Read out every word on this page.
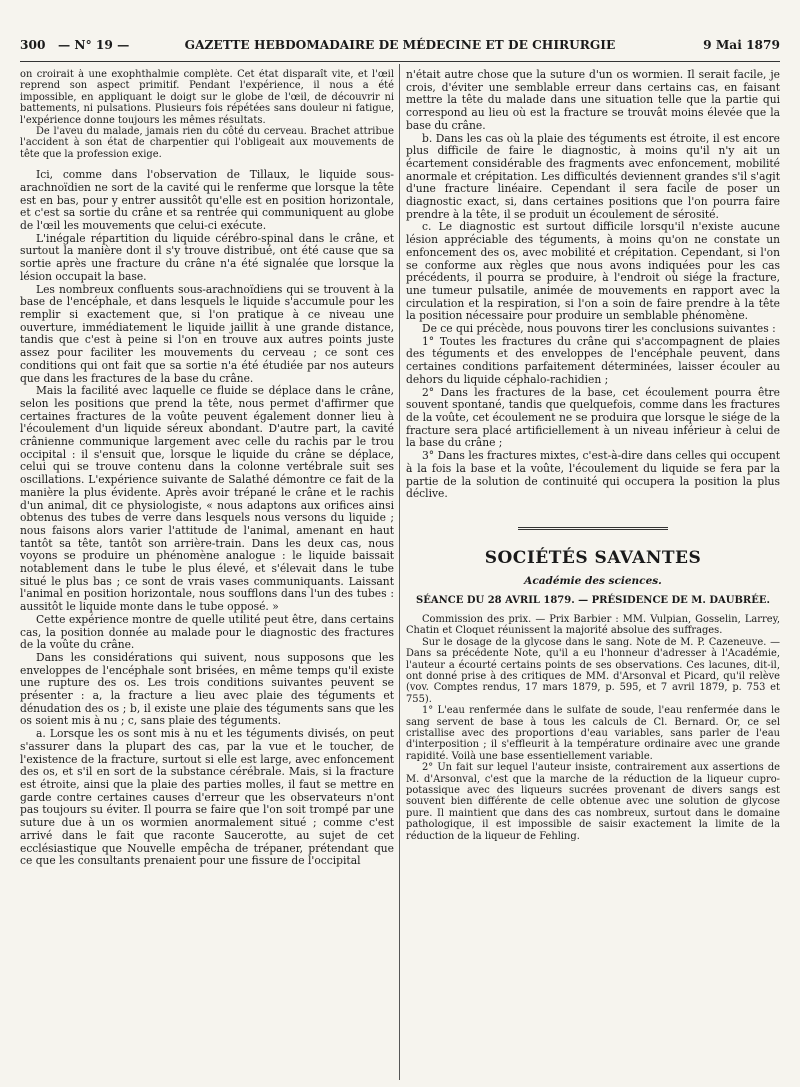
300 — N° 19 —	GAZETTE HEBDOMADAIRE DE MÉDECINE ET DE CHIRURGIE	9 Mai 1879

on croirait à une exophthalmie complète. Cet état disparaît vite, et l'œil reprend son aspect primitif. Pendant l'expérience, il nous a été impossible, en appliquant le doigt sur le globe de l'œil, de découvrir ni battements, ni pulsations. Plusieurs fois répétées sans douleur ni fatigue, l'expérience donne toujours les mêmes résultats.

De l'aveu du malade, jamais rien du côté du cerveau. Brachet attribue l'accident à son état de charpentier qui l'obligeait aux mouvements de tête que la profession exige.

Ici, comme dans l'observation de Tillaux, le liquide sous-arachnoïdien ne sort de la cavité qui le renferme que lorsque la tête est en bas, pour y entrer aussitôt qu'elle est en position horizontale, et c'est sa sortie du crâne et sa rentrée qui communiquent au globe de l'œil les mouvements que celui-ci exécute.

L'inégale répartition du liquide cérébro-spinal dans le crâne, et surtout la manière dont il s'y trouve distribué, ont été cause que sa sortie après une fracture du crâne n'a été signalée que lorsque la lésion occupait la base.

Les nombreux confluents sous-arachnoïdiens qui se trouvent à la base de l'encéphale, et dans lesquels le liquide s'accumule pour les remplir si exactement que, si l'on pratique à ce niveau une ouverture, immédiatement le liquide jaillit à une grande distance, tandis que c'est à peine si l'on en trouve aux autres points juste assez pour faciliter les mouvements du cerveau ; ce sont ces conditions qui ont fait que sa sortie n'a été étudiée par nos auteurs que dans les fractures de la base du crâne.

Mais la facilité avec laquelle ce fluide se déplace dans le crâne, selon les positions que prend la tête, nous permet d'affirmer que certaines fractures de la voûte peuvent également donner lieu à l'écoulement d'un liquide séreux abondant. D'autre part, la cavité crânienne communique largement avec celle du rachis par le trou occipital : il s'ensuit que, lorsque le liquide du crâne se déplace, celui qui se trouve contenu dans la colonne vertébrale suit ses oscillations. L'expérience suivante de Salathé démontre ce fait de la manière la plus évidente. Après avoir trépané le crâne et le rachis d'un animal, dit ce physiologiste, « nous adaptons aux orifices ainsi obtenus des tubes de verre dans lesquels nous versons du liquide ; nous faisons alors varier l'attitude de l'animal, amenant en haut tantôt sa tête, tantôt son arrière-train. Dans les deux cas, nous voyons se produire un phénomène analogue : le liquide baissait notablement dans le tube le plus élevé, et s'élevait dans le tube situé le plus bas ; ce sont de vrais vases communiquants. Laissant l'animal en position horizontale, nous soufflons dans l'un des tubes : aussitôt le liquide monte dans le tube opposé. »

Cette expérience montre de quelle utilité peut être, dans certains cas, la position donnée au malade pour le diagnostic des fractures de la voûte du crâne.

Dans les considérations qui suivent, nous supposons que les enveloppes de l'encéphale sont brisées, en même temps qu'il existe une rupture des os. Les trois conditions suivantes peuvent se présenter : a, la fracture a lieu avec plaie des téguments et dénudation des os ; b, il existe une plaie des téguments sans que les os soient mis à nu ; c, sans plaie des téguments.

a. Lorsque les os sont mis à nu et les téguments divisés, on peut s'assurer dans la plupart des cas, par la vue et le toucher, de l'existence de la fracture, surtout si elle est large, avec enfoncement des os, et s'il en sort de la substance cérébrale. Mais, si la fracture est étroite, ainsi que la plaie des parties molles, il faut se mettre en garde contre certaines causes d'erreur que les observateurs n'ont pas toujours su éviter. Il pourra se faire que l'on soit trompé par une suture due à un os wormien anormalement situé ; comme c'est arrivé dans le fait que raconte Saucerotte, au sujet de cet ecclésiastique que Nouvelle empêcha de trépaner, prétendant que ce que les consultants prenaient pour une fissure de l'occipital

n'était autre chose que la suture d'un os wormien. Il serait facile, je crois, d'éviter une semblable erreur dans certains cas, en faisant mettre la tête du malade dans une situation telle que la partie qui correspond au lieu où est la fracture se trouvât moins élevée que la base du crâne.

b. Dans les cas où la plaie des téguments est étroite, il est encore plus difficile de faire le diagnostic, à moins qu'il n'y ait un écartement considérable des fragments avec enfoncement, mobilité anormale et crépitation. Les difficultés deviennent grandes s'il s'agit d'une fracture linéaire. Cependant il sera facile de poser un diagnostic exact, si, dans certaines positions que l'on pourra faire prendre à la tête, il se produit un écoulement de sérosité.

c. Le diagnostic est surtout difficile lorsqu'il n'existe aucune lésion appréciable des téguments, à moins qu'on ne constate un enfoncement des os, avec mobilité et crépitation. Cependant, si l'on se conforme aux règles que nous avons indiquées pour les cas précédents, il pourra se produire, à l'endroit où siége la fracture, une tumeur pulsatile, animée de mouvements en rapport avec la circulation et la respiration, si l'on a soin de faire prendre à la tête la position nécessaire pour produire un semblable phénomène.

De ce qui précède, nous pouvons tirer les conclusions suivantes :

1° Toutes les fractures du crâne qui s'accompagnent de plaies des téguments et des enveloppes de l'encéphale peuvent, dans certaines conditions parfaitement déterminées, laisser écouler au dehors du liquide céphalo-rachidien ;

2° Dans les fractures de la base, cet écoulement pourra être souvent spontané, tandis que quelquefois, comme dans les fractures de la voûte, cet écoulement ne se produira que lorsque le siége de la fracture sera placé artificiellement à un niveau inférieur à celui de la base du crâne ;

3° Dans les fractures mixtes, c'est-à-dire dans celles qui occupent à la fois la base et la voûte, l'écoulement du liquide se fera par la partie de la solution de continuité qui occupera la position la plus déclive.

SOCIÉTÉS SAVANTES
Académie des sciences.
SÉANCE DU 28 AVRIL 1879. — PRÉSIDENCE DE M. DAUBRÉE.

Commission des prix. — Prix Barbier : MM. Vulpian, Gosselin, Larrey, Chatin et Cloquet réunissent la majorité absolue des suffrages.

Sur le dosage de la glycose dans le sang. Note de M. P. Cazeneuve. — Dans sa précédente Note, qu'il a eu l'honneur d'adresser à l'Académie, l'auteur a écourté certains points de ses observations. Ces lacunes, dit-il, ont donné prise à des critiques de MM. d'Arsonval et Picard, qu'il relève (vov. Comptes rendus, 17 mars 1879, p. 595, et 7 avril 1879, p. 753 et 755).

1° L'eau renfermée dans le sulfate de soude, l'eau renfermée dans le sang servent de base à tous les calculs de Cl. Bernard. Or, ce sel cristallise avec des proportions d'eau variables, sans parler de l'eau d'interposition ; il s'effleurit à la température ordinaire avec une grande rapidité. Voilà une base essentiellement variable.

2° Un fait sur lequel l'auteur insiste, contrairement aux assertions de M. d'Arsonval, c'est que la marche de la réduction de la liqueur cupro-potassique avec des liqueurs sucrées provenant de divers sangs est souvent bien différente de celle obtenue avec une solution de glycose pure. Il maintient que dans des cas nombreux, surtout dans le domaine pathologique, il est impossible de saisir exactement la limite de la réduction de la liqueur de Fehling.
